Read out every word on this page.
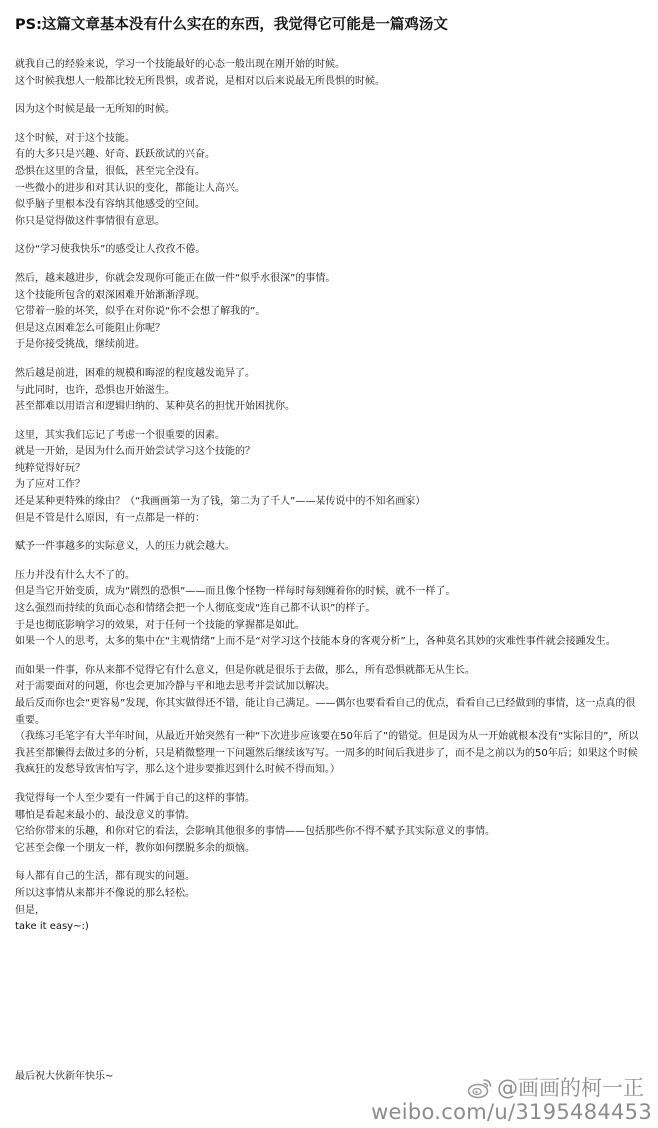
PS:这篇文章基本没有什么实在的东西，我觉得它可能是一篇鸡汤文
就我自己的经验来说，学习一个技能最好的心态一般出现在刚开始的时候。
这个时候我想人一般都比较无所畏惧，或者说，是相对以后来说最无所畏惧的时候。
因为这个时候是最一无所知的时候。
这个时候，对于这个技能。
有的大多只是兴趣、好奇、跃跃欲试的兴奋。
恐惧在这里的含量，很低，甚至完全没有。
一些微小的进步和对其认识的变化，都能让人高兴。
似乎脑子里根本没有容纳其他感受的空间。
你只是觉得做这件事情很有意思。
这份“学习使我快乐”的感受让人孜孜不倦。
然后，越来越进步，你就会发现你可能正在做一件“似乎水很深”的事情。
这个技能所包含的艰深困难开始渐渐浮现。
它带着一脸的坏笑，似乎在对你说“你不会想了解我的”。
但是这点困难怎么可能阻止你呢？
于是你接受挑战，继续前进。
然后越是前进，困难的规模和晦涩的程度越发诡异了。
与此同时，也许，恐惧也开始滋生。
甚至都难以用语言和逻辑归纳的、某种莫名的担忧开始困扰你。
这里，其实我们忘记了考虑一个很重要的因素。
就是一开始，是因为什么而开始尝试学习这个技能的？
纯粹觉得好玩？
为了应对工作？
还是某种更特殊的缘由？（“我画画第一为了钱，第二为了千人”——某传说中的不知名画家）
但是不管是什么原因，有一点都是一样的：
赋予一件事越多的实际意义，人的压力就会越大。
压力并没有什么大不了的。
但是当它开始变质，成为“剧烈的恐惧”——而且像个怪物一样每时每刻缠着你的时候，就不一样了。
这么强烈而持续的负面心态和情绪会把一个人彻底变成“连自己都不认识”的样子。
于是也彻底影响学习的效果，对于任何一个技能的掌握都是如此。
如果一个人的思考，太多的集中在“主观情绪”上而不是“对学习这个技能本身的客观分析”上，各种莫名其妙的灾难性事件就会接踵发生。
而如果一件事，你从来都不觉得它有什么意义，但是你就是很乐于去做，那么，所有恐惧就都无从生长。
对于需要面对的问题，你也会更加冷静与平和地去思考并尝试加以解决。
最后反而你也会“更容易”发现，你其实做得还不错，能让自己满足。——偶尔也要看看自己的优点，看看自己已经做到的事情，这一点真的很重要。
（我练习毛笔字有大半年时间，从最近开始突然有一种“下次进步应该要在50年后了”的错觉。但是因为从一开始就根本没有“实际目的”，所以我甚至都懒得去做过多的分析，只是稍微整理一下问题然后继续该写写。一周多的时间后我进步了，而不是之前以为的50年后；如果这个时候我疯狂的发愁导致害怕写字，那么这个进步要推迟到什么时候不得而知。）
我觉得每一个人至少要有一件属于自己的这样的事情。
哪怕是看起来最小的、最没意义的事情。
它给你带来的乐趣，和你对它的看法，会影响其他很多的事情——包括那些你不得不赋予其实际意义的事情。
它甚至会像一个朋友一样，教你如何摆脱多余的烦恼。
每人都有自己的生活，都有现实的问题。
所以这事情从来都并不像说的那么轻松。
但是，
take it easy~:)
最后祝大伙新年快乐~	@画画的柯一正
weibo.com/u/3195484453
